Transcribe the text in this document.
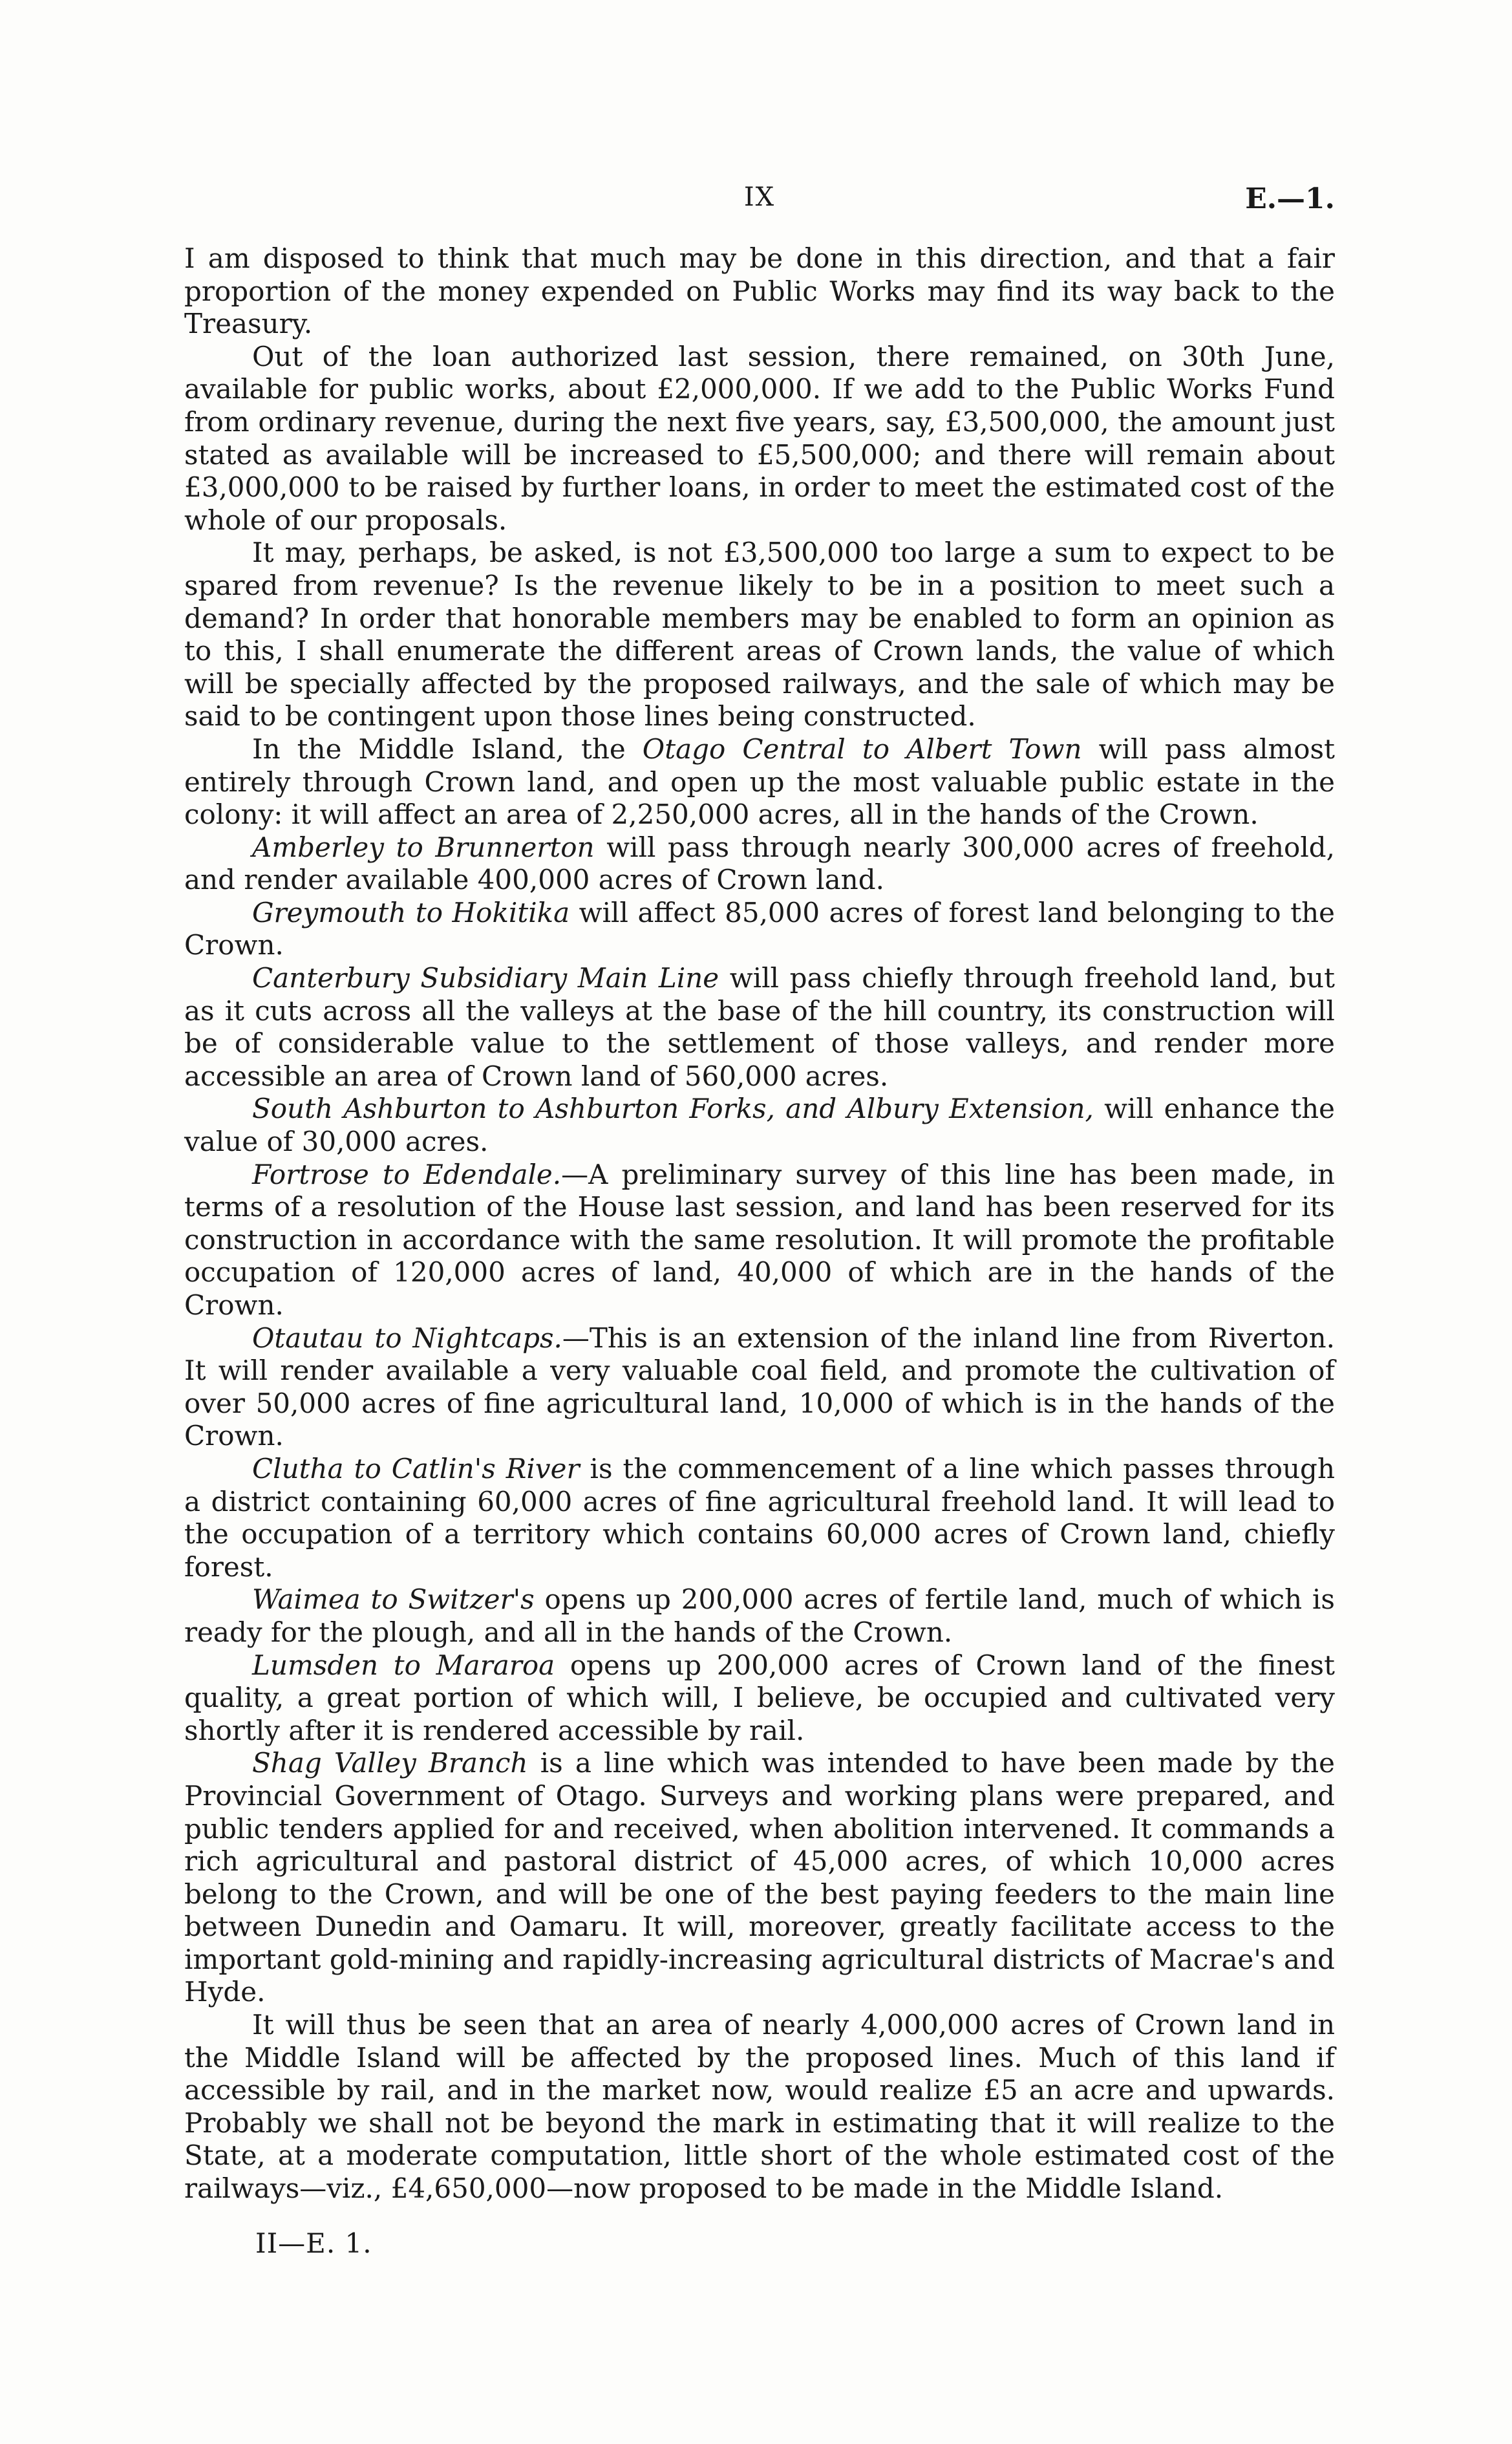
IX	E.—1.

I am disposed to think that much may be done in this direction, and that a fair proportion of the money expended on Public Works may find its way back to the Treasury.

Out of the loan authorized last session, there remained, on 30th June, available for public works, about £2,000,000. If we add to the Public Works Fund from ordinary revenue, during the next five years, say, £3,500,000, the amount just stated as available will be increased to £5,500,000; and there will remain about £3,000,000 to be raised by further loans, in order to meet the estimated cost of the whole of our proposals.

It may, perhaps, be asked, is not £3,500,000 too large a sum to expect to be spared from revenue? Is the revenue likely to be in a position to meet such a demand? In order that honorable members may be enabled to form an opinion as to this, I shall enumerate the different areas of Crown lands, the value of which will be specially affected by the proposed railways, and the sale of which may be said to be contingent upon those lines being constructed.

In the Middle Island, the Otago Central to Albert Town will pass almost entirely through Crown land, and open up the most valuable public estate in the colony: it will affect an area of 2,250,000 acres, all in the hands of the Crown.

Amberley to Brunnerton will pass through nearly 300,000 acres of freehold, and render available 400,000 acres of Crown land.

Greymouth to Hokitika will affect 85,000 acres of forest land belonging to the Crown.

Canterbury Subsidiary Main Line will pass chiefly through freehold land, but as it cuts across all the valleys at the base of the hill country, its construction will be of considerable value to the settlement of those valleys, and render more accessible an area of Crown land of 560,000 acres.

South Ashburton to Ashburton Forks, and Albury Extension, will enhance the value of 30,000 acres.

Fortrose to Edendale.—A preliminary survey of this line has been made, in terms of a resolution of the House last session, and land has been reserved for its construction in accordance with the same resolution. It will promote the profitable occupation of 120,000 acres of land, 40,000 of which are in the hands of the Crown.

Otautau to Nightcaps.—This is an extension of the inland line from Riverton. It will render available a very valuable coal field, and promote the cultivation of over 50,000 acres of fine agricultural land, 10,000 of which is in the hands of the Crown.

Clutha to Catlin's River is the commencement of a line which passes through a district containing 60,000 acres of fine agricultural freehold land. It will lead to the occupation of a territory which contains 60,000 acres of Crown land, chiefly forest.

Waimea to Switzer's opens up 200,000 acres of fertile land, much of which is ready for the plough, and all in the hands of the Crown.

Lumsden to Mararoa opens up 200,000 acres of Crown land of the finest quality, a great portion of which will, I believe, be occupied and cultivated very shortly after it is rendered accessible by rail.

Shag Valley Branch is a line which was intended to have been made by the Provincial Government of Otago. Surveys and working plans were prepared, and public tenders applied for and received, when abolition intervened. It commands a rich agricultural and pastoral district of 45,000 acres, of which 10,000 acres belong to the Crown, and will be one of the best paying feeders to the main line between Dunedin and Oamaru. It will, moreover, greatly facilitate access to the important gold-mining and rapidly-increasing agricultural districts of Macrae's and Hyde.

It will thus be seen that an area of nearly 4,000,000 acres of Crown land in the Middle Island will be affected by the proposed lines. Much of this land if accessible by rail, and in the market now, would realize £5 an acre and upwards. Probably we shall not be beyond the mark in estimating that it will realize to the State, at a moderate computation, little short of the whole estimated cost of the railways—viz., £4,650,000—now proposed to be made in the Middle Island.

II—E. 1.
